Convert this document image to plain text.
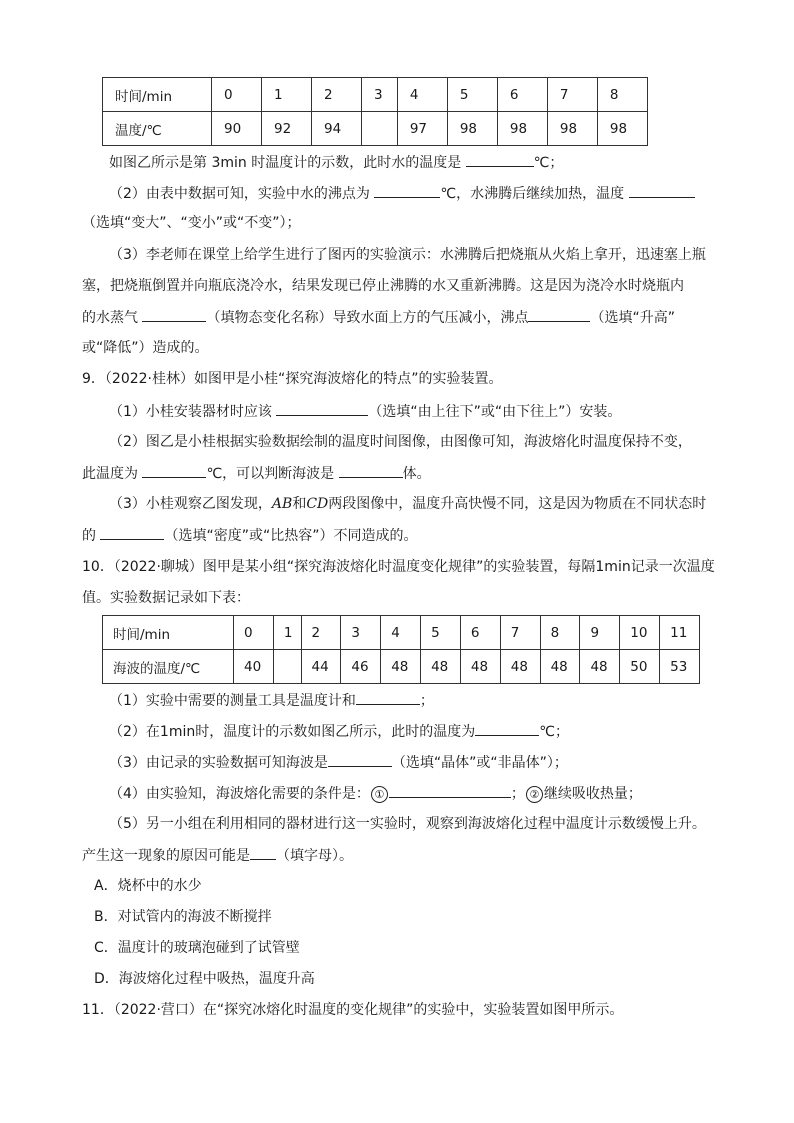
时间/min	0	1	2	3	4	5	6	7	8
温度/℃	90	92	94		97	98	98	98	98
如图乙所示是第 3min 时温度计的示数，此时水的温度是	℃；
（2）由表中数据可知，实验中水的沸点为	℃，水沸腾后继续加热，温度
（选填“变大”、“变小”或“不变”）；
（3）李老师在课堂上给学生进行了图丙的实验演示：水沸腾后把烧瓶从火焰上拿开，迅速塞上瓶
塞，把烧瓶倒置并向瓶底浇冷水，结果发现已停止沸腾的水又重新沸腾。这是因为浇冷水时烧瓶内
的水蒸气	（填物态变化名称）导致水面上方的气压减小，沸点	（选填“升高”
或“降低”）造成的。
9．（2022·桂林）如图甲是小桂“探究海波熔化的特点”的实验装置。
（1）小桂安装器材时应该	（选填“由上往下”或“由下往上”）安装。
（2）图乙是小桂根据实验数据绘制的温度时间图像，由图像可知，海波熔化时温度保持不变，
此温度为	℃，可以判断海波是	体。
（3）小桂观察乙图发现，AB和CD两段图像中，温度升高快慢不同，这是因为物质在不同状态时
的	（选填“密度”或“比热容”）不同造成的。
10．（2022·聊城）图甲是某小组“探究海波熔化时温度变化规律”的实验装置，每隔1min记录一次温度
值。实验数据记录如下表：
时间/min	0	1	2	3	4	5	6	7	8	9	10	11
海波的温度/℃	40		44	46	48	48	48	48	48	48	50	53
（1）实验中需要的测量工具是温度计和	；
（2）在1min时，温度计的示数如图乙所示，此时的温度为	℃；
（3）由记录的实验数据可知海波是	（选填“晶体”或“非晶体”）；
（4）由实验知，海波熔化需要的条件是： ①	； ② 继续吸收热量；
（5）另一小组在利用相同的器材进行这一实验时，观察到海波熔化过程中温度计示数缓慢上升。
产生这一现象的原因可能是 （填字母）。
A．烧杯中的水少
B．对试管内的海波不断搅拌
C．温度计的玻璃泡碰到了试管壁
D．海波熔化过程中吸热，温度升高
11．（2022·营口）在“探究冰熔化时温度的变化规律”的实验中，实验装置如图甲所示。
